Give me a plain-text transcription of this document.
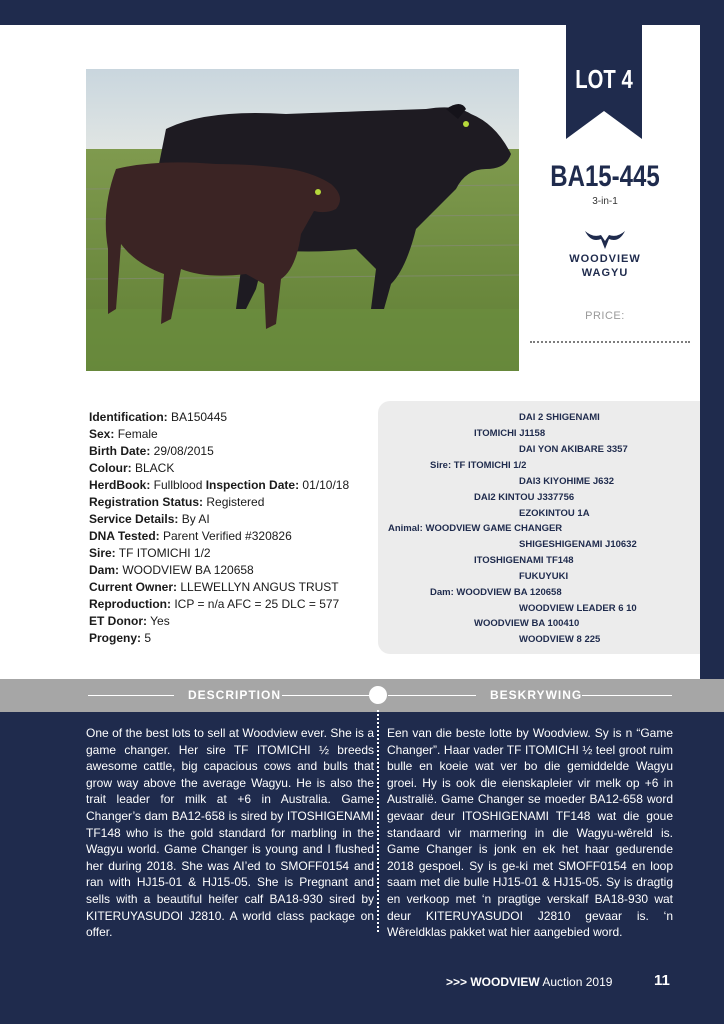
LOT 4
BA15-445
3-in-1
WOODVIEW
WAGYU
PRICE:
Identification: BA150445
Sex: Female
Birth Date: 29/08/2015
Colour: BLACK
HerdBook: Fullblood Inspection Date: 01/10/18
Registration Status: Registered
Service Details: By AI
DNA Tested: Parent Verified #320826
Sire: TF ITOMICHI 1/2
Dam: WOODVIEW BA 120658
Current Owner: LLEWELLYN ANGUS TRUST
Reproduction: ICP = n/a AFC = 25 DLC = 577
ET Donor: Yes
Progeny: 5
DAI 2 SHIGENAMI
ITOMICHI J1158
DAI YON AKIBARE 3357
Sire: TF ITOMICHI 1/2
DAI3 KIYOHIME J632
DAI2 KINTOU J337756
EZOKINTOU 1A
Animal: WOODVIEW GAME CHANGER
SHIGESHIGENAMI J10632
ITOSHIGENAMI TF148
FUKUYUKI
Dam: WOODVIEW BA 120658
WOODVIEW LEADER 6 10
WOODVIEW BA 100410
WOODVIEW 8 225
DESCRIPTION	BESKRYWING
One of the best lots to sell at Woodview ever. She is a game changer. Her sire TF ITOMICHI ½ breeds awesome cattle, big capacious cows and bulls that grow way above the average Wagyu. He is also the trait leader for milk at +6 in Australia. Game Changer’s dam BA12-658 is sired by ITOSHIGENAMI TF148 who is the gold standard for marbling in the Wagyu world. Game Changer is young and I flushed her during 2018. She was AI’ed to SMOFF0154 and ran with HJ15-01 & HJ15-05. She is Pregnant and sells with a beautiful heifer calf BA18-930 sired by KITERUYASUDOI J2810. A world class package on offer.
Een van die beste lotte by Woodview. Sy is n “Game Changer”. Haar vader TF ITOMICHI ½ teel groot ruim bulle en koeie wat ver bo die gemiddelde Wagyu groei. Hy is ook die eienskapleier vir melk op +6 in Australië. Game Changer se moeder BA12-658 word gevaar deur ITOSHIGENAMI TF148 wat die goue standaard vir marmering in die Wagyu-wêreld is. Game Changer is jonk en ek het haar gedurende 2018 gespoel. Sy is ge-ki met SMOFF0154 en loop saam met die bulle HJ15-01 & HJ15-05. Sy is dragtig en verkoop met ‘n pragtige verskalf BA18-930 wat deur KITERUYASUDOI J2810 gevaar is. ‘n Wêreldklas pakket wat hier aangebied word.
>>> WOODVIEW Auction 2019	11
